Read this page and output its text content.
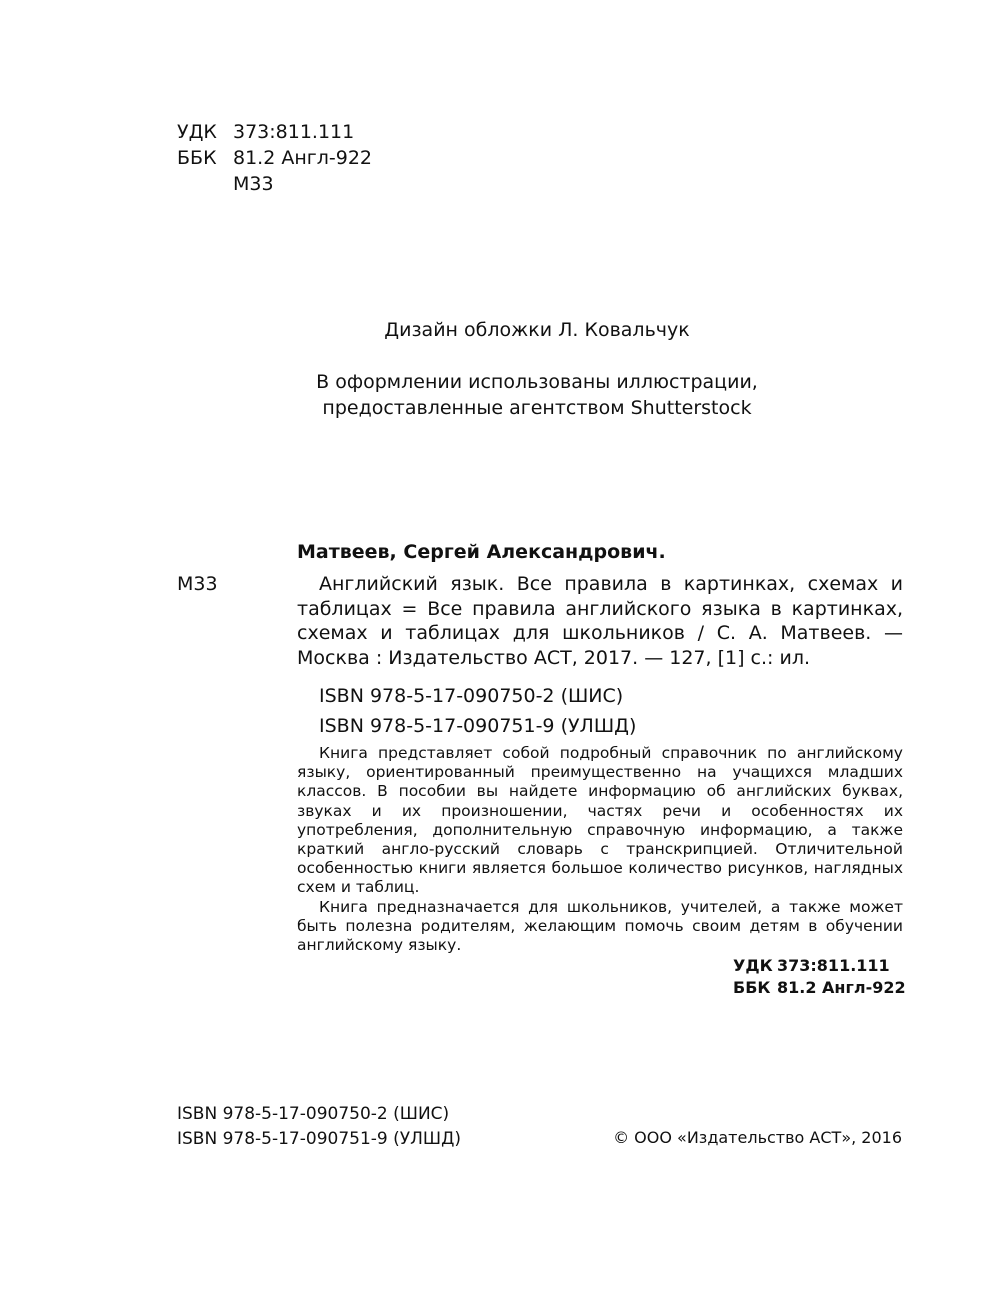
УДК 373:811.111
ББК 81.2 Англ-922
М33
Дизайн обложки Л. Ковальчук
В оформлении использованы иллюстрации,
предоставленные агентством Shutterstock
Матвеев, Сергей Александрович.
М33	Английский язык. Все правила в картинках, схемах и таблицах = Все правила английского языка в картинках, схемах и таблицах для школьников / С. А. Матвеев. — Москва : Издательство АСТ, 2017. — 127, [1] с.: ил.
ISBN 978-5-17-090750-2 (ШИС)
ISBN 978-5-17-090751-9 (УЛШД)

Книга представляет собой подробный справочник по английскому языку, ориентированный преимущественно на учащихся младших классов. В пособии вы найдете информацию об английских буквах, звуках и их произношении, частях речи и особенностях их употребления, дополнительную справочную информацию, а также краткий англо-русский словарь с транскрипцией. Отличительной особенностью книги является большое количество рисунков, наглядных схем и таблиц.

Книга предназначается для школьников, учителей, а также может быть полезна родителям, желающим помочь своим детям в обучении английскому языку.

УДК 373:811.111
ББК 81.2 Англ-922
ISBN 978-5-17-090750-2 (ШИС)
ISBN 978-5-17-090751-9 (УЛШД)	© ООО «Издательство АСТ», 2016
